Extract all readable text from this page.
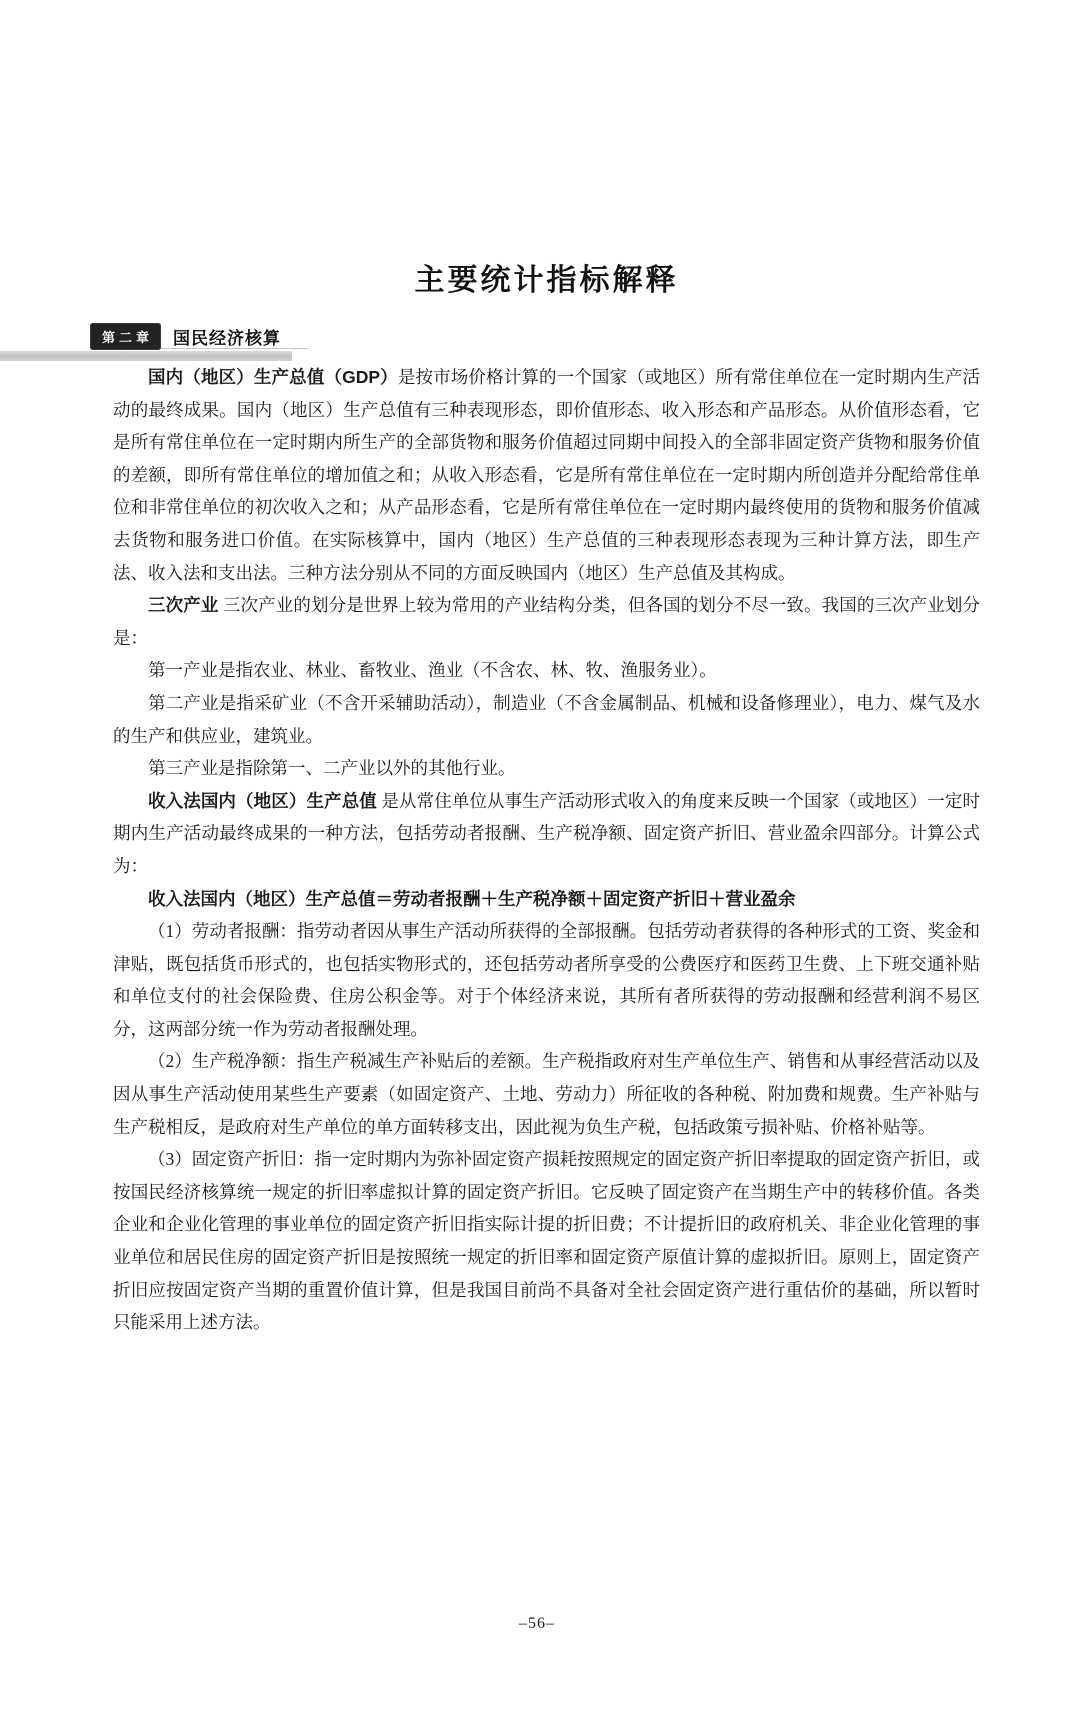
第二章	国民经济核算
主要统计指标解释

国内（地区）生产总值（GDP）是按市场价格计算的一个国家（或地区）所有常住单位在一定时期内生产活动的最终成果。国内（地区）生产总值有三种表现形态，即价值形态、收入形态和产品形态。从价值形态看，它是所有常住单位在一定时期内所生产的全部货物和服务价值超过同期中间投入的全部非固定资产货物和服务价值的差额，即所有常住单位的增加值之和；从收入形态看，它是所有常住单位在一定时期内所创造并分配给常住单位和非常住单位的初次收入之和；从产品形态看，它是所有常住单位在一定时期内最终使用的货物和服务价值减去货物和服务进口价值。在实际核算中，国内（地区）生产总值的三种表现形态表现为三种计算方法，即生产法、收入法和支出法。三种方法分别从不同的方面反映国内（地区）生产总值及其构成。

三次产业 三次产业的划分是世界上较为常用的产业结构分类，但各国的划分不尽一致。我国的三次产业划分是：

第一产业是指农业、林业、畜牧业、渔业（不含农、林、牧、渔服务业）。

第二产业是指采矿业（不含开采辅助活动），制造业（不含金属制品、机械和设备修理业），电力、煤气及水的生产和供应业，建筑业。

第三产业是指除第一、二产业以外的其他行业。

收入法国内（地区）生产总值 是从常住单位从事生产活动形式收入的角度来反映一个国家（或地区）一定时期内生产活动最终成果的一种方法，包括劳动者报酬、生产税净额、固定资产折旧、营业盈余四部分。计算公式为：

收入法国内（地区）生产总值＝劳动者报酬＋生产税净额＋固定资产折旧＋营业盈余

（1）劳动者报酬：指劳动者因从事生产活动所获得的全部报酬。包括劳动者获得的各种形式的工资、奖金和津贴，既包括货币形式的，也包括实物形式的，还包括劳动者所享受的公费医疗和医药卫生费、上下班交通补贴和单位支付的社会保险费、住房公积金等。对于个体经济来说，其所有者所获得的劳动报酬和经营利润不易区分，这两部分统一作为劳动者报酬处理。

（2）生产税净额：指生产税减生产补贴后的差额。生产税指政府对生产单位生产、销售和从事经营活动以及因从事生产活动使用某些生产要素（如固定资产、土地、劳动力）所征收的各种税、附加费和规费。生产补贴与生产税相反，是政府对生产单位的单方面转移支出，因此视为负生产税，包括政策亏损补贴、价格补贴等。

（3）固定资产折旧：指一定时期内为弥补固定资产损耗按照规定的固定资产折旧率提取的固定资产折旧，或按国民经济核算统一规定的折旧率虚拟计算的固定资产折旧。它反映了固定资产在当期生产中的转移价值。各类企业和企业化管理的事业单位的固定资产折旧指实际计提的折旧费；不计提折旧的政府机关、非企业化管理的事业单位和居民住房的固定资产折旧是按照统一规定的折旧率和固定资产原值计算的虚拟折旧。原则上，固定资产折旧应按固定资产当期的重置价值计算，但是我国目前尚不具备对全社会固定资产进行重估价的基础，所以暂时只能采用上述方法。

–56–
